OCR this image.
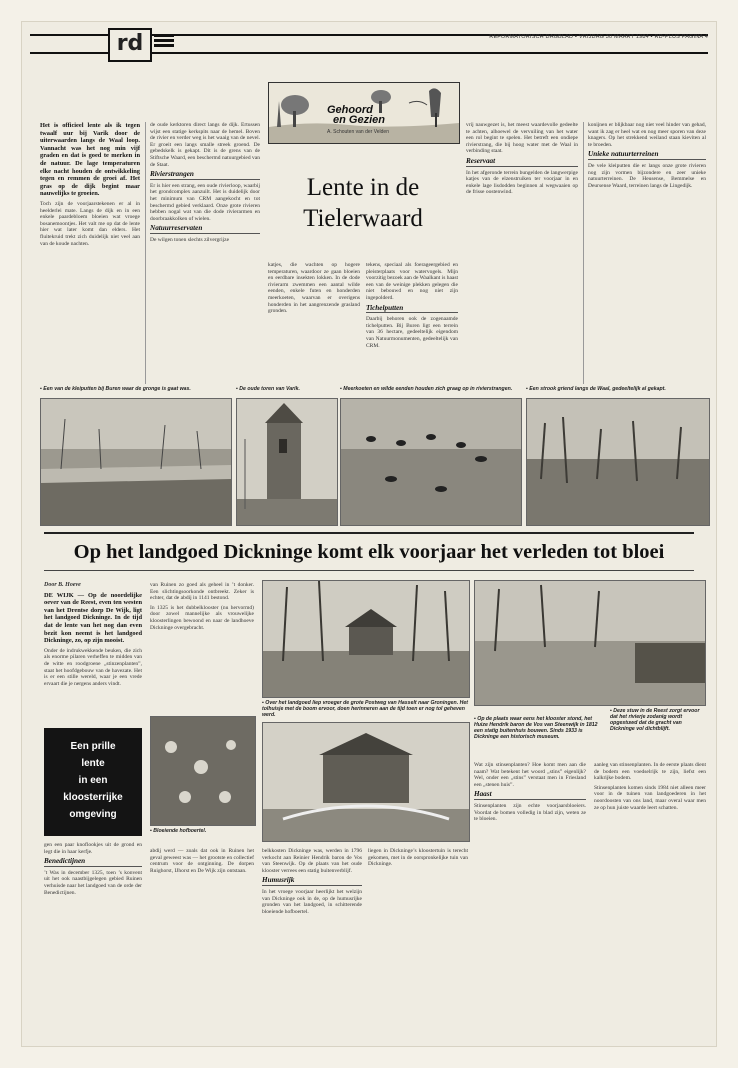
rd	REFORMATORISCH DAGBLAD ▪ VRIJDAG 30 MAART 1984 ▪ RD-PLUS PAGINA 4
Gehoord
en Gezien
A. Schouten van der Velden

Het is officieel lente als ik tegen twaalf uur bij Varik door de uiterwaarden langs de Waal loop. Vannacht was het nog min vijf graden en dat is goed te merken in de natuur. De lage temperaturen elke nacht houden de ontwikkeling tegen en remmen de groei af. Het gras op de dijk begint maar nauwelijks te groeien.

Toch zijn de voorjaarstekenen er al in heelderlei mate. Langs de dijk en in een enkele paardebloem bloeien wat vroege bosanemoontjes. Het valt me op dat de lente hier wat later komt dan elders. Het fluitekruid trekt zich duidelijk niet veel aan van de koude nachten.

de oude kerktoren direct langs de dijk. Ertussen wijst een statige kerkspits naar de hemel. Boven de rivier en verder weg is het waaig van de nevel. Er groeit een langs smalle streek groend. De gebedskelk is gekapt. Dit is de grens van de Stiftsche Waard, een beschermd natuurgebied van de Staat.

Rivierstrangen

Er is hier een strang, een oude rivierloop, waarbij het grondcomplex aanzuilt. Het is duidelijk door het minimum van CRM aangekocht en tot beschermd gebied verklaard. Onze grote rivieren hebben nogal wat van die dode rivierarmen en doorbraakkolken of wielen.

Natuurreservaten

De wilgen tonen slechts zilvergrijze

Lente in de
Tielerwaard

katjes, die wachten op hogere temperaturen, waardoor ze gaan bloeien en eerdbare insekten lokken. In de dode rivierarm zwemmen een aantal wilde eenden, enkele futen en honderden meerkoeten, waarvan er overigens honderden in het aangrenzende grasland gronden.

tekens, speciaal als foerageergebied en pleisterplaats voor watervogels. Mijn voorzitig bezoek aan de Waalkant is haast een van de weinige plekken gelegen die niet bebouwd en nog niet zijn ingepolderd.

Tichelputten

Daarbij behoren ook de zogenaamde tichelputten. Bij Buren ligt een terrein van 36 hectare, gedeeltelijk eigendom van Natuurmonumenten, gedeeltelijk van CRM.

vrij nauwgezet is, het meest waardevolle gedeelte te achten, alhoewel de vervuiling van het water een rol begint te spelen. Het betreft een ondiepe rivierstrang, die bij hoog water met de Waal in verbinding staat.

Reservaat

In het afgeronde terrein bungelden de langwerpige katjes van de elzenstruiken ter voorjaar in en enkele lage lisdodden beginnen al wegwaaien op de frisse oostenwind.

konijnen er blijkbaar nog niet veel hinder van gehad, want ik zag er heel wat en nog meer sporen van deze knagers. Op het strekkend weiland staan kieviten al te broeden.

Unieke natuurterreinen

De vele kleiputten die er langs onze grote rivieren nog zijn vormen bijzondere en zeer unieke natuurterreinen. De Heusense, Bemmelse en Deursense Waard, terreinen langs de Lingedijk.

▪ Een van de kleiputten bij Buren waar de gronge is gaat was.	▪ De oude toren van Varik.	▪ Meerkoeten en wilde eenden houden zich graag op in rivierstrangen.	▪ Een strook griend langs de Waal, gedeeltelijk al gekapt.
Op het landgoed Dickninge komt elk voorjaar het verleden tot bloei
Door B. Hoeve

DE WIJK — Op de noordelijke oever van de Reest, even ten westen van het Drentse dorp De Wijk, ligt het landgoed Dickninge. In de tijd dat de lente van het nog dan even bezit kon neemt is het landgoed Dickninge, zo, op zijn mooist.

Onder de indrukwekkende beuken, die zich als enorme pilaren verheffen te midden van de witte en roodgroene „stinzenplanten”, staat het hoofdgebouw van de havezate. Het is er een stille wereld, waar je een vrede ervaart die je nergens anders vindt.

Een prille
lente
in een
kloosterrijke
omgeving

gen een paar knoflookjes uit de grond en legt die in haar kerfje.

Benedictijnen

’t Was in december 1325, toen ’s konvent uit het ook naastbijgelegen gebied Ruinen verhuisde naar het landgoed van de orde der Benedictijnen.

van Ruinen zo goed als geheel in ’t donker. Een slichtingsoorkonde ontbreekt. Zeker is echter, dat de abdij in 1141 bestond.

In 1325 is het dubbelklooster (nu hervormd) door zowel mannelijke als vrouwelijke kloosterlingen bewoond en naar de landhoeve Dickninge overgebracht.

▪ Over het landgoed liep vroeger de grote Postweg van Hasselt naar Groningen. Het tolhuisje met de boom ervoor, doen herinneren aan de tijd toen er nog tol geheven werd.
▪ Deze stuw in de Reest zorgt ervoor dat het rivierje zodanig wordt opgestuwd dat de gracht van Dickninge vol dichtblijft.
▪ Bloeiende hofboertel.
▪ Op de plaats waar eens het klooster stond, het Huize Hendrik baron de Vos van Steenwijk in 1812 een statig buitenhuis bouwen. Sinds 1933 is Dickninge een historisch museum.

abdij werd — zoals dat ook in Ruinen het geval geweest was — het grootste en collectief centrum voor de ontginning. De dorpen Ruighorst, IJhorst en De Wijk zijn ontstaan.

belkkosten Dickninge was, werden in 1796 verkocht aan Reinier Hendrik baron de Vos van Steenwijk. Op de plaats van het oude klooster verrees een statig buitenverblijf.

Humusrijk

In het vroege voorjaar heerlijkt het welzijn van Dickninge ook in de, op de humusrijke gronden van het landgoed, in schitterende bloeiende hofboertel.

liegen in Dickninge’s kloostertuin is terecht gekomen, met in de oorspronkelijke tuin van Dickninge.

Wat zijn stinsenplanten? Hoe komt men aan die naam? Wat betekent het woord „stins” eigenlijk? Wel, onder een „stins” verstaat men in Friesland een „stenen huis”.

Haast

Stinsenplanten zijn echte voorjaarsbloeiers. Voordat de bomen volledig in blad zijn, weten ze te bloeien.

aanleg van stinsenplanten. In de eerste plaats dient de bodem een voedselrijk te zijn, liefst een kalkrijke bodem.

Stinsenplanten komen sinds 1984 niet alleen meer voor in de tuinen van landgoederen in het noordoosten van ons land, maar overal waar men ze op hun juiste waarde leert schatten.
